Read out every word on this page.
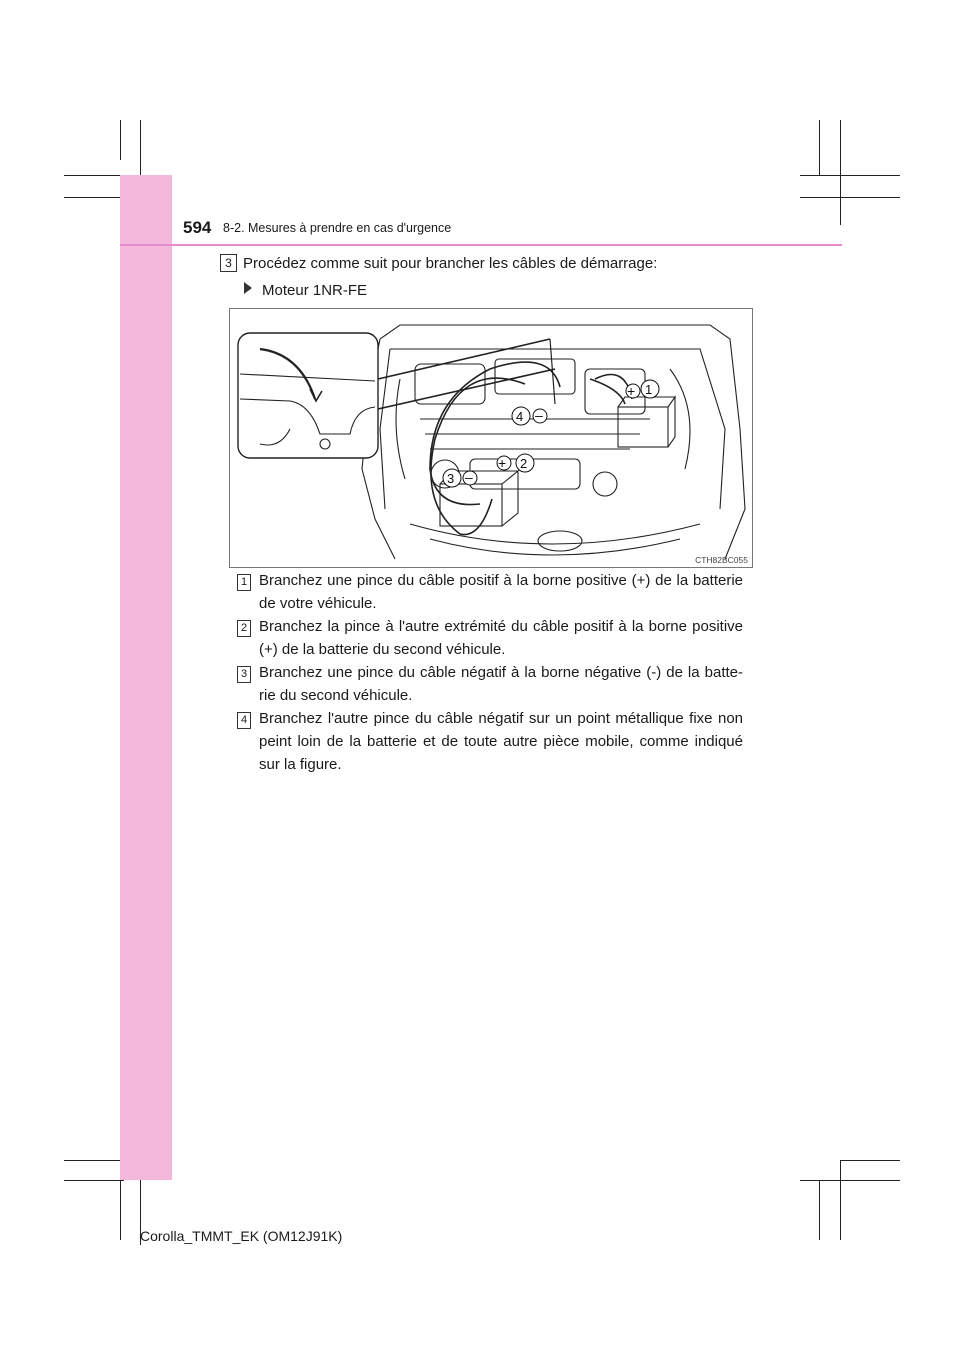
594 8-2. Mesures à prendre en cas d'urgence
3 Procédez comme suit pour brancher les câbles de démarrage:
Moteur 1NR-FE
+ 1
+ 2
3 –
4 –
CTH82BC055
1 Branchez une pince du câble positif à la borne positive (+) de la batterie de votre véhicule.
2 Branchez la pince à l'autre extrémité du câble positif à la borne positive (+) de la batterie du second véhicule.
3 Branchez une pince du câble négatif à la borne négative (-) de la batte-rie du second véhicule.
4 Branchez l'autre pince du câble négatif sur un point métallique fixe non peint loin de la batterie et de toute autre pièce mobile, comme indiqué sur la figure.
Corolla_TMMT_EK (OM12J91K)
